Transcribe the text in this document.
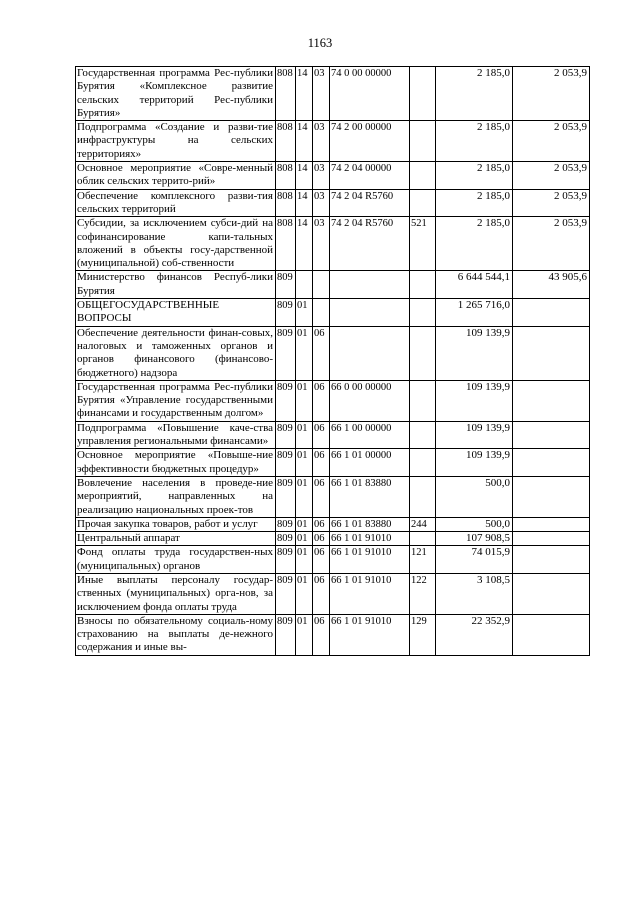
1163
Государственная программа Рес-публики Бурятия «Комплексное развитие сельских территорий Рес-публики Бурятия»	808	14	03	74 0 00 00000		2 185,0	2 053,9
Подпрограмма «Создание и разви-тие инфраструктуры на сельских территориях»	808	14	03	74 2 00 00000		2 185,0	2 053,9
Основное мероприятие «Совре-менный облик сельских террито-рий»	808	14	03	74 2 04 00000		2 185,0	2 053,9
Обеспечение комплексного разви-тия сельских территорий	808	14	03	74 2 04 R5760		2 185,0	2 053,9
Субсидии, за исключением субси-дий на софинансирование капи-тальных вложений в объекты госу-дарственной (муниципальной) соб-ственности	808	14	03	74 2 04 R5760	521	2 185,0	2 053,9
Министерство финансов Респуб-лики Бурятия	809					6 644 544,1	43 905,6
ОБЩЕГОСУДАРСТВЕННЫЕ ВОПРОСЫ	809	01				1 265 716,0	
Обеспечение деятельности финан-совых, налоговых и таможенных органов и органов финансового (финансово-бюджетного) надзора	809	01	06			109 139,9	
Государственная программа Рес-публики Бурятия «Управление государственными финансами и государственным долгом»	809	01	06	66 0 00 00000		109 139,9	
Подпрограмма «Повышение каче-ства управления региональными финансами»	809	01	06	66 1 00 00000		109 139,9	
Основное мероприятие «Повыше-ние эффективности бюджетных процедур»	809	01	06	66 1 01 00000		109 139,9	
Вовлечение населения в проведе-ние мероприятий, направленных на реализацию национальных проек-тов	809	01	06	66 1 01 83880		500,0	
Прочая закупка товаров, работ и услуг	809	01	06	66 1 01 83880	244	500,0	
Центральный аппарат	809	01	06	66 1 01 91010		107 908,5	
Фонд оплаты труда государствен-ных (муниципальных) органов	809	01	06	66 1 01 91010	121	74 015,9	
Иные выплаты персоналу государ-ственных (муниципальных) орга-нов, за исключением фонда оплаты труда	809	01	06	66 1 01 91010	122	3 108,5	
Взносы по обязательному социаль-ному страхованию на выплаты де-нежного содержания и иные вы-	809	01	06	66 1 01 91010	129	22 352,9	
